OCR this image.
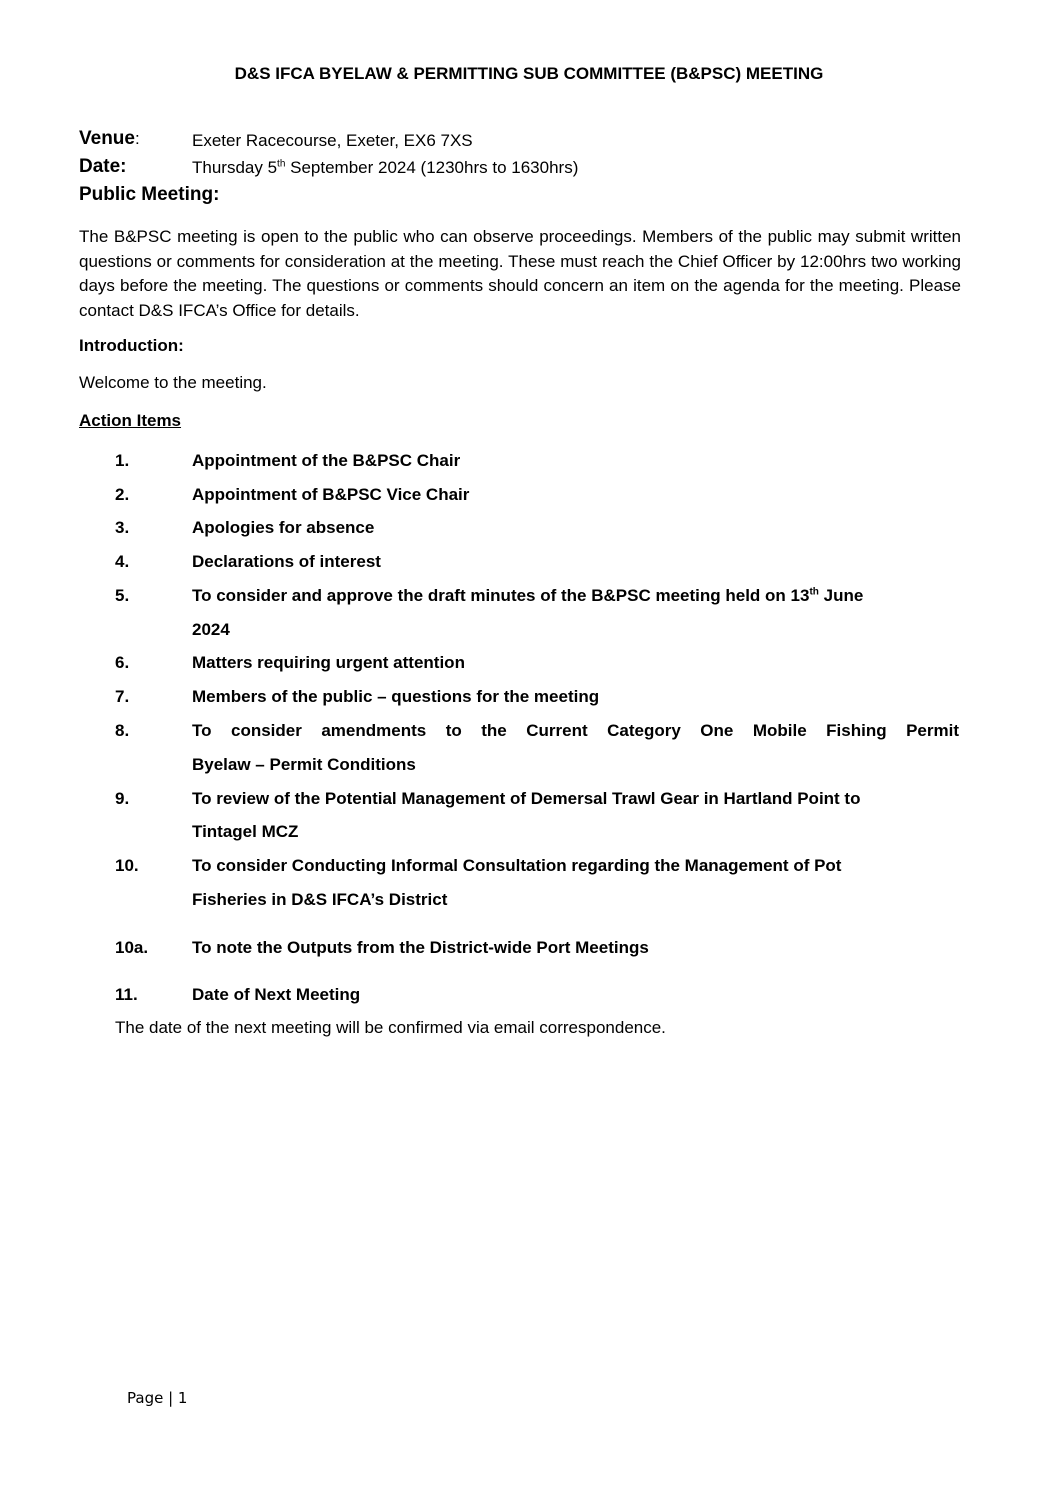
D&S IFCA BYELAW & PERMITTING SUB COMMITTEE (B&PSC) MEETING
Venue:	Exeter Racecourse, Exeter, EX6 7XS
Date:	Thursday 5th September 2024 (1230hrs to 1630hrs)
Public Meeting:
The B&PSC meeting is open to the public who can observe proceedings. Members of the public may submit written questions or comments for consideration at the meeting. These must reach the Chief Officer by 12:00hrs two working days before the meeting. The questions or comments should concern an item on the agenda for the meeting. Please contact D&S IFCA’s Office for details.
Introduction:
Welcome to the meeting.
Action Items
1.	Appointment of the B&PSC Chair
2.	Appointment of B&PSC Vice Chair
3.	Apologies for absence
4.	Declarations of interest
5.	To consider and approve the draft minutes of the B&PSC meeting held on 13th June
2024
6.	Matters requiring urgent attention
7.	Members of the public – questions for the meeting
8.	To consider amendments to the Current Category One Mobile Fishing Permit
Byelaw – Permit Conditions
9.	To review of the Potential Management of Demersal Trawl Gear in Hartland Point to
Tintagel MCZ
10.	To consider Conducting Informal Consultation regarding the Management of Pot
Fisheries in D&S IFCA’s District
10a.	To note the Outputs from the District-wide Port Meetings
11.	Date of Next Meeting
The date of the next meeting will be confirmed via email correspondence.
Page | 1
